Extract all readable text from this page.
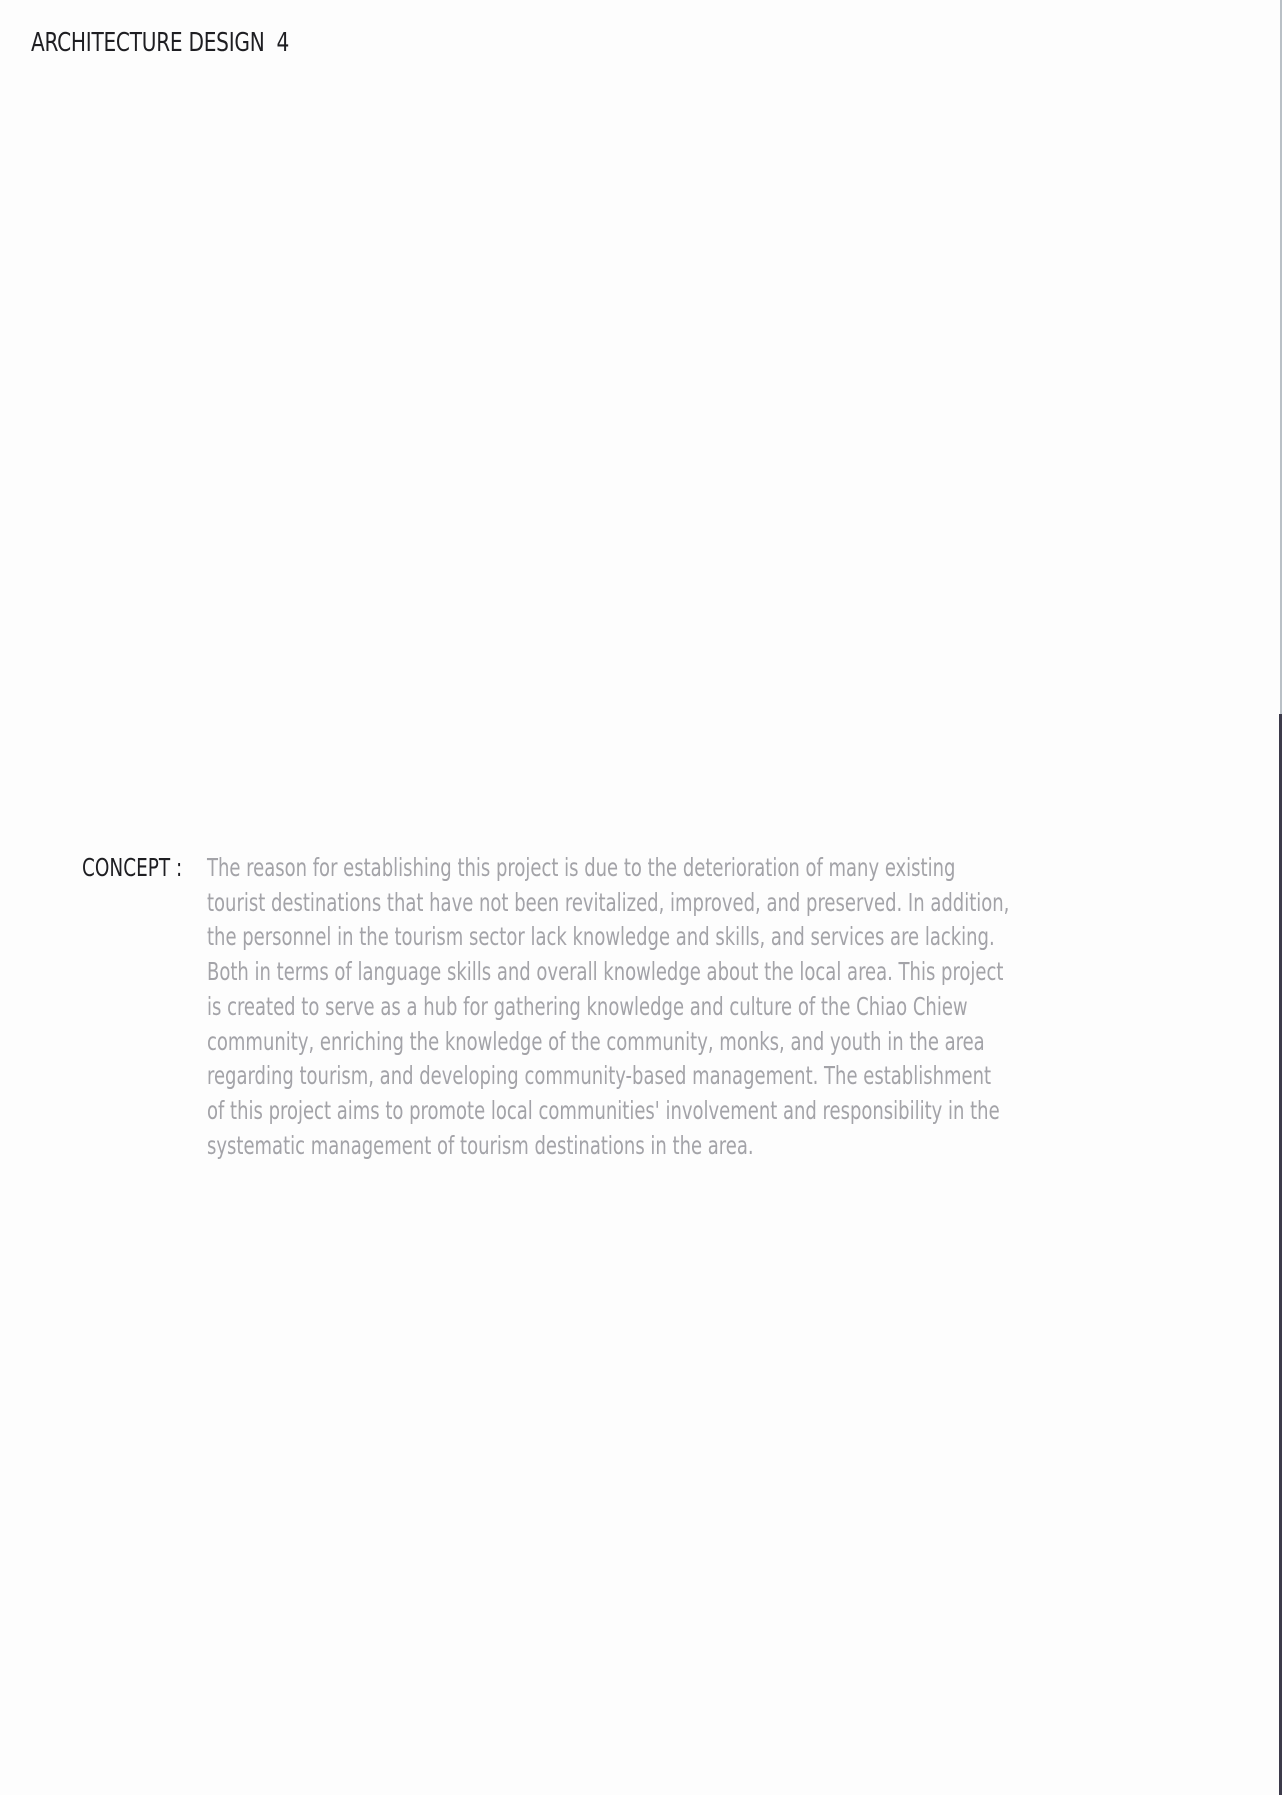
ARCHITECTURE DESIGN 4
CONCEPT : The reason for establishing this project is due to the deterioration of many existing
tourist destinations that have not been revitalized, improved, and preserved. In addition,
the personnel in the tourism sector lack knowledge and skills, and services are lacking.
Both in terms of language skills and overall knowledge about the local area. This project
is created to serve as a hub for gathering knowledge and culture of the Chiao Chiew
community, enriching the knowledge of the community, monks, and youth in the area
regarding tourism, and developing community-based management. The establishment
of this project aims to promote local communities' involvement and responsibility in the
systematic management of tourism destinations in the area.
